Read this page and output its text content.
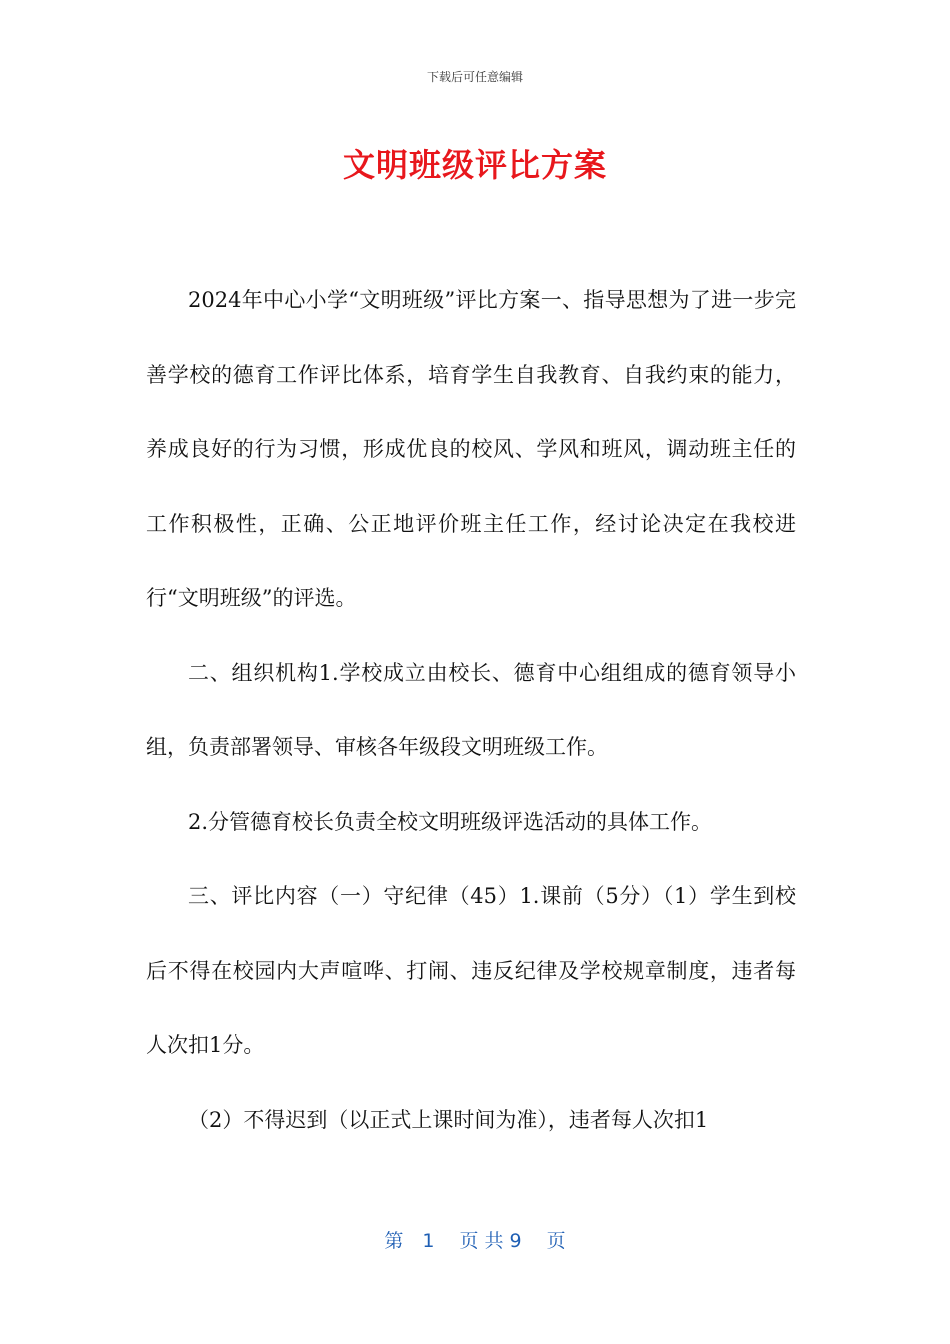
下载后可任意编辑
文明班级评比方案

2024年中心小学“文明班级”评比方案一、指导思想为了进一步完善学校的德育工作评比体系，培育学生自我教育、自我约束的能力，养成良好的行为习惯，形成优良的校风、学风和班风，调动班主任的工作积极性，正确、公正地评价班主任工作，经讨论决定在我校进行“文明班级”的评选。

二、组织机构1.学校成立由校长、德育中心组组成的德育领导小组，负责部署领导、审核各年级段文明班级工作。

2.分管德育校长负责全校文明班级评选活动的具体工作。

三、评比内容（一）守纪律（45）1.课前（5分）（1）学生到校后不得在校园内大声喧哗、打闹、违反纪律及学校规章制度，违者每人次扣1分。

（2）不得迟到（以正式上课时间为准），违者每人次扣1

第　1　 页 共 9　 页
